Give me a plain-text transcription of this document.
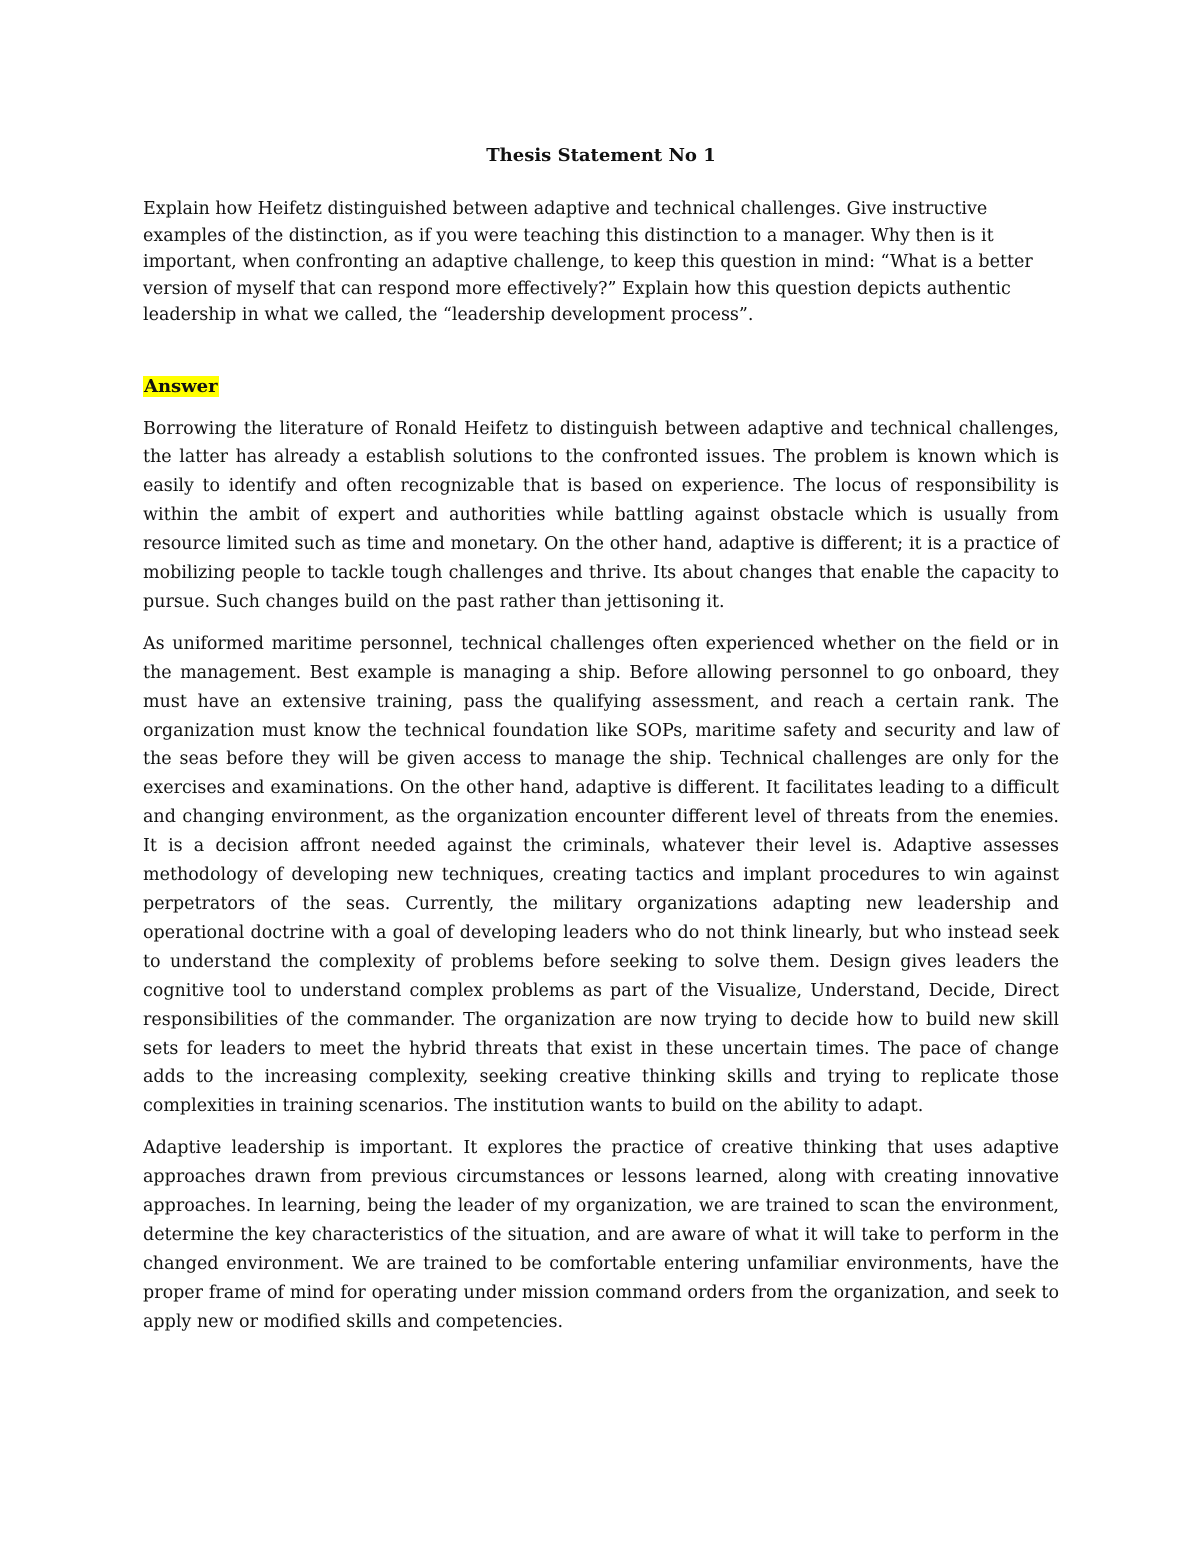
Thesis Statement No 1

Explain how Heifetz distinguished between adaptive and technical challenges. Give instructive examples of the distinction, as if you were teaching this distinction to a manager. Why then is it important, when confronting an adaptive challenge, to keep this question in mind: “What is a better version of myself that can respond more effectively?” Explain how this question depicts authentic leadership in what we called, the “leadership development process”.

Answer

Borrowing the literature of Ronald Heifetz to distinguish between adaptive and technical challenges, the latter has already a establish solutions to the confronted issues. The problem is known which is easily to identify and often recognizable that is based on experience. The locus of responsibility is within the ambit of expert and authorities while battling against obstacle which is usually from resource limited such as time and monetary. On the other hand, adaptive is different; it is a practice of mobilizing people to tackle tough challenges and thrive. Its about changes that enable the capacity to pursue. Such changes build on the past rather than jettisoning it.

As uniformed maritime personnel, technical challenges often experienced whether on the field or in the management. Best example is managing a ship. Before allowing personnel to go onboard, they must have an extensive training, pass the qualifying assessment, and reach a certain rank. The organization must know the technical foundation like SOPs, maritime safety and security and law of the seas before they will be given access to manage the ship. Technical challenges are only for the exercises and examinations. On the other hand, adaptive is different. It facilitates leading to a difficult and changing environment, as the organization encounter different level of threats from the enemies. It is a decision affront needed against the criminals, whatever their level is. Adaptive assesses methodology of developing new techniques, creating tactics and implant procedures to win against perpetrators of the seas. Currently, the military organizations adapting new leadership and operational doctrine with a goal of developing leaders who do not think linearly, but who instead seek to understand the complexity of problems before seeking to solve them. Design gives leaders the cognitive tool to understand complex problems as part of the Visualize, Understand, Decide, Direct responsibilities of the commander. The organization are now trying to decide how to build new skill sets for leaders to meet the hybrid threats that exist in these uncertain times. The pace of change adds to the increasing complexity, seeking creative thinking skills and trying to replicate those complexities in training scenarios. The institution wants to build on the ability to adapt.

Adaptive leadership is important. It explores the practice of creative thinking that uses adaptive approaches drawn from previous circumstances or lessons learned, along with creating innovative approaches. In learning, being the leader of my organization, we are trained to scan the environment, determine the key characteristics of the situation, and are aware of what it will take to perform in the changed environment. We are trained to be comfortable entering unfamiliar environments, have the proper frame of mind for operating under mission command orders from the organization, and seek to apply new or modified skills and competencies.
